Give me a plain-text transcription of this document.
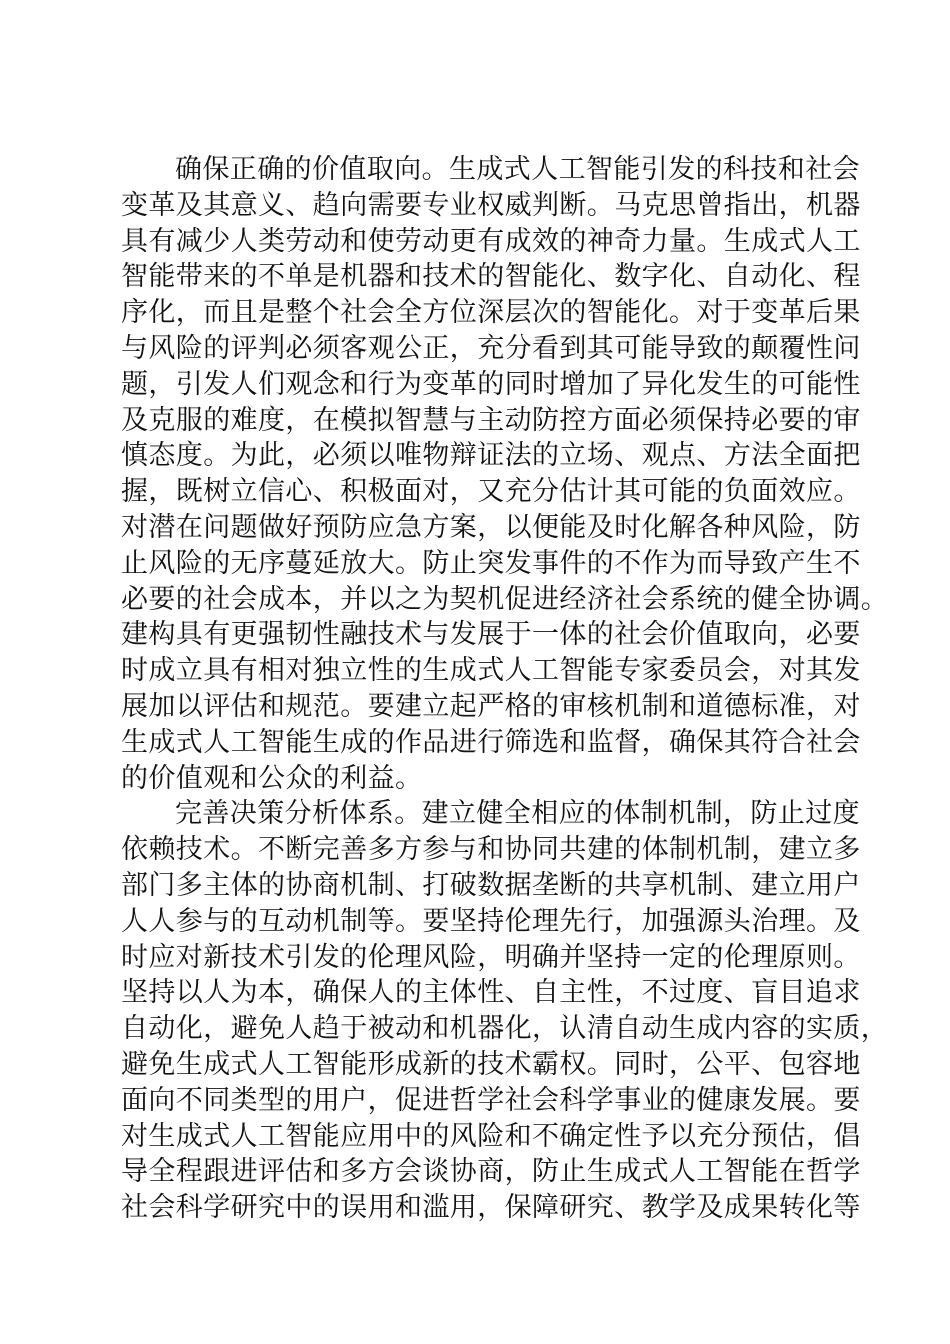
确保正确的价值取向。生成式人工智能引发的科技和社会
变革及其意义、趋向需要专业权威判断。马克思曾指出，机器
具有减少人类劳动和使劳动更有成效的神奇力量。生成式人工
智能带来的不单是机器和技术的智能化、数字化、自动化、程
序化，而且是整个社会全方位深层次的智能化。对于变革后果
与风险的评判必须客观公正，充分看到其可能导致的颠覆性问
题，引发人们观念和行为变革的同时增加了异化发生的可能性
及克服的难度，在模拟智慧与主动防控方面必须保持必要的审
慎态度。为此，必须以唯物辩证法的立场、观点、方法全面把
握，既树立信心、积极面对，又充分估计其可能的负面效应。
对潜在问题做好预防应急方案，以便能及时化解各种风险，防
止风险的无序蔓延放大。防止突发事件的不作为而导致产生不
必要的社会成本，并以之为契机促进经济社会系统的健全协调。
建构具有更强韧性融技术与发展于一体的社会价值取向，必要
时成立具有相对独立性的生成式人工智能专家委员会，对其发
展加以评估和规范。要建立起严格的审核机制和道德标准，对
生成式人工智能生成的作品进行筛选和监督，确保其符合社会
的价值观和公众的利益。
完善决策分析体系。建立健全相应的体制机制，防止过度
依赖技术。不断完善多方参与和协同共建的体制机制，建立多
部门多主体的协商机制、打破数据垄断的共享机制、建立用户
人人参与的互动机制等。要坚持伦理先行，加强源头治理。及
时应对新技术引发的伦理风险，明确并坚持一定的伦理原则。
坚持以人为本，确保人的主体性、自主性，不过度、盲目追求
自动化，避免人趋于被动和机器化，认清自动生成内容的实质，
避免生成式人工智能形成新的技术霸权。同时，公平、包容地
面向不同类型的用户，促进哲学社会科学事业的健康发展。要
对生成式人工智能应用中的风险和不确定性予以充分预估，倡
导全程跟进评估和多方会谈协商，防止生成式人工智能在哲学
社会科学研究中的误用和滥用，保障研究、教学及成果转化等
